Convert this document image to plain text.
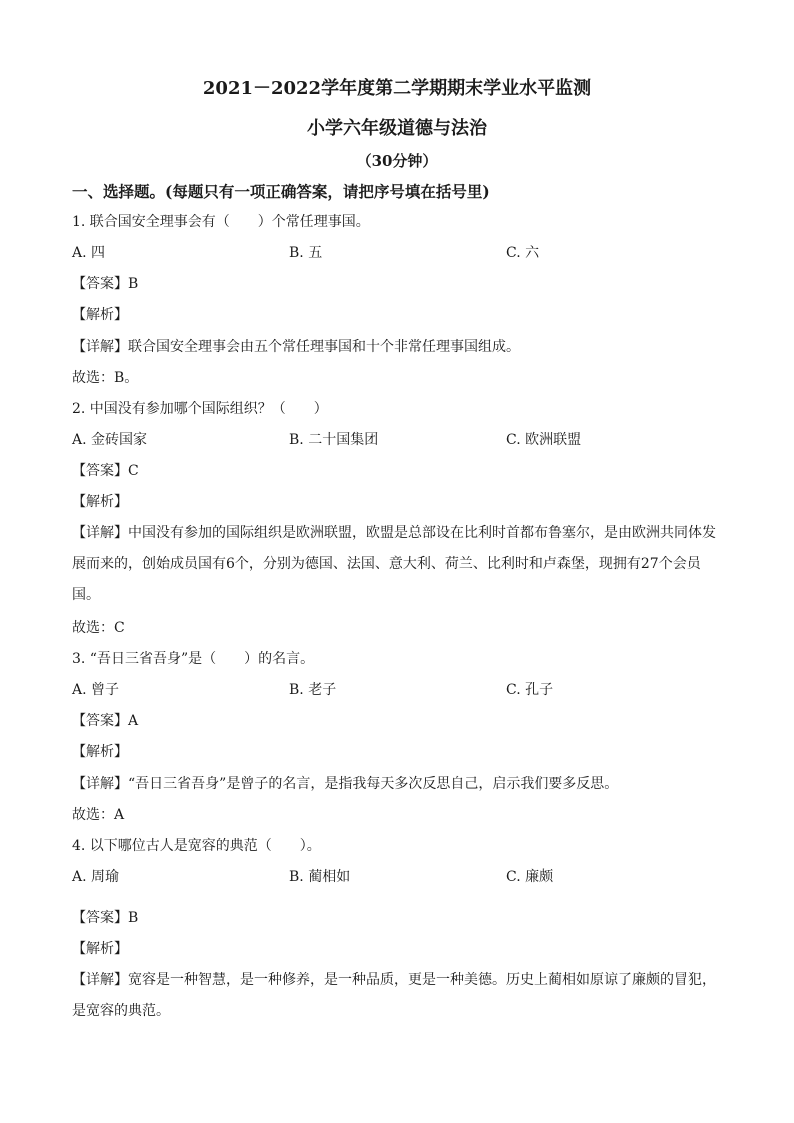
2021－2022学年度第二学期期末学业水平监测
小学六年级道德与法治
（30分钟）
一、选择题。(每题只有一项正确答案，请把序号填在括号里)
1. 联合国安全理事会有（　　）个常任理事国。
A. 四	B. 五	C. 六
【答案】B
【解析】
【详解】联合国安全理事会由五个常任理事国和十个非常任理事国组成。
故选：B。
2. 中国没有参加哪个国际组织？（　　）
A. 金砖国家	B. 二十国集团	C. 欧洲联盟
【答案】C
【解析】
【详解】中国没有参加的国际组织是欧洲联盟，欧盟是总部设在比利时首都布鲁塞尔，是由欧洲共同体发展而来的，创始成员国有6个，分别为德国、法国、意大利、荷兰、比利时和卢森堡，现拥有27个会员国。
故选：C
3. “吾日三省吾身”是（　　）的名言。
A. 曾子	B. 老子	C. 孔子
【答案】A
【解析】
【详解】“吾日三省吾身”是曾子的名言，是指我每天多次反思自己，启示我们要多反思。
故选：A
4. 以下哪位古人是宽容的典范（　　）。
A. 周瑜	B. 蔺相如	C. 廉颇
【答案】B
【解析】
【详解】宽容是一种智慧，是一种修养，是一种品质，更是一种美德。历史上蔺相如原谅了廉颇的冒犯，是宽容的典范。
